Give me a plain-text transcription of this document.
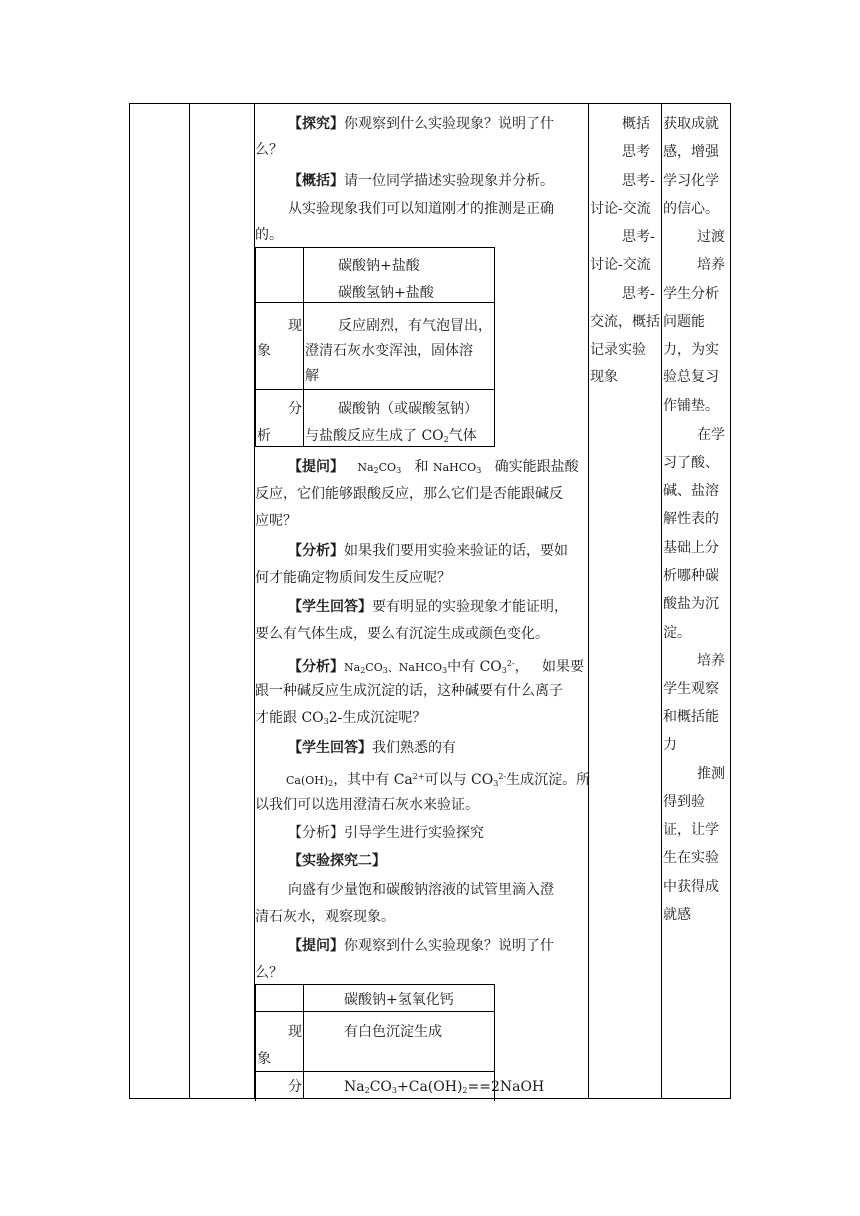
【探究】你观察到什么实验现象？说明了什
么？
【概括】请一位同学描述实验现象并分析。
从实验现象我们可以知道刚才的推测是正确
的。
碳酸钠+盐酸
碳酸氢钠+盐酸
现
象
反应剧烈，有气泡冒出，
澄清石灰水变浑浊，固体溶
解
分
析
碳酸钠（或碳酸氢钠）
与盐酸反应生成了 $CO_2$气体
【提问】 $Na_2CO_3$ 和 NaHCO$_3$ 确实能跟盐酸
反应，它们能够跟酸反应，那么它们是否能跟碱反
应呢？
【分析】如果我们要用实验来验证的话，要如
何才能确定物质间发生反应呢？
【学生回答】要有明显的实验现象才能证明，
要么有气体生成，要么有沉淀生成或颜色变化。
【分析】$Na_2CO_3$、NaHCO$_3$中有 $CO_3^{2-}$，   如果要
跟一种碱反应生成沉淀的话，这种碱要有什么离子
才能跟 $CO_32-$生成沉淀呢？
【学生回答】我们熟悉的有
$Ca(OH)_2$，其中有 $Ca^{2+}$可以与 $CO_3^{2-}$生成沉淀。所
以我们可以选用澄清石灰水来验证。
【分析】引导学生进行实验探究
【实验探究二】
向盛有少量饱和碳酸钠溶液的试管里滴入澄
清石灰水，观察现象。
【提问】你观察到什么实验现象？说明了什
么？
碳酸钠+氢氧化钙
现
象
有白色沉淀生成
分	$Na_2CO_3+Ca(OH)_2==2NaOH$
概括
思考
思考-
讨论-交流
思考-
讨论-交流
思考-
交流，概括
记录实验
现象
获取成就
感，增强
学习化学
的信心。
过渡
培养
学生分析
问题能
力，为实
验总复习
作铺垫。
在学
习了酸、
碱、盐溶
解性表的
基础上分
析哪种碳
酸盐为沉
淀。
培养
学生观察
和概括能
力
推测
得到验
证，让学
生在实验
中获得成
就感
